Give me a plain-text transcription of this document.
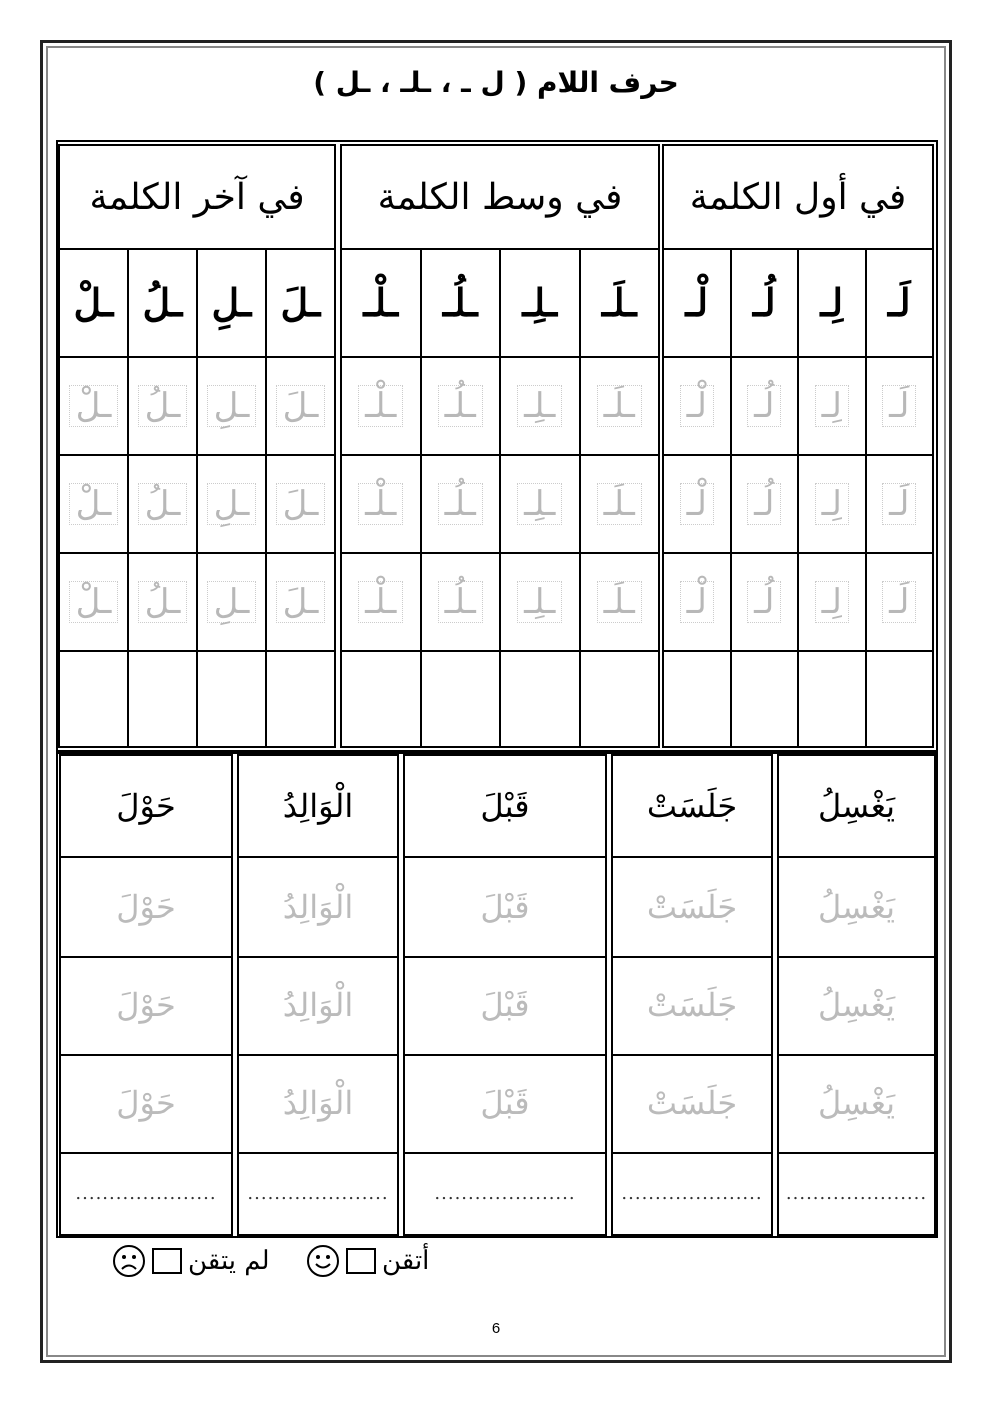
حرف اللام ( ل ـ ، ـلـ ، ـل )
في أول الكلمة
لَـ
لَـ
لَـ
لَـ
لِـ
لِـ
لِـ
لِـ
لُـ
لُـ
لُـ
لُـ
لْـ
لْـ
لْـ
لْـ
في وسط الكلمة
ـلَـ
ـلَـ
ـلَـ
ـلَـ
ـلِـ
ـلِـ
ـلِـ
ـلِـ
ـلُـ
ـلُـ
ـلُـ
ـلُـ
ـلْـ
ـلْـ
ـلْـ
ـلْـ
في آخر الكلمة
ـلَ
ـلَ
ـلَ
ـلَ
ـلِ
ـلِ
ـلِ
ـلِ
ـلُ
ـلُ
ـلُ
ـلُ
ـلْ
ـلْ
ـلْ
ـلْ
يَغْسِلُ
يَغْسِلُ
يَغْسِلُ
يَغْسِلُ
.....................
جَلَسَتْ
جَلَسَتْ
جَلَسَتْ
جَلَسَتْ
.....................
قَبْلَ
قَبْلَ
قَبْلَ
قَبْلَ
.....................
الْوَالِدُ
الْوَالِدُ
الْوَالِدُ
الْوَالِدُ
.....................
حَوْلَ
حَوْلَ
حَوْلَ
حَوْلَ
.....................
أتقن
لم يتقن
6
